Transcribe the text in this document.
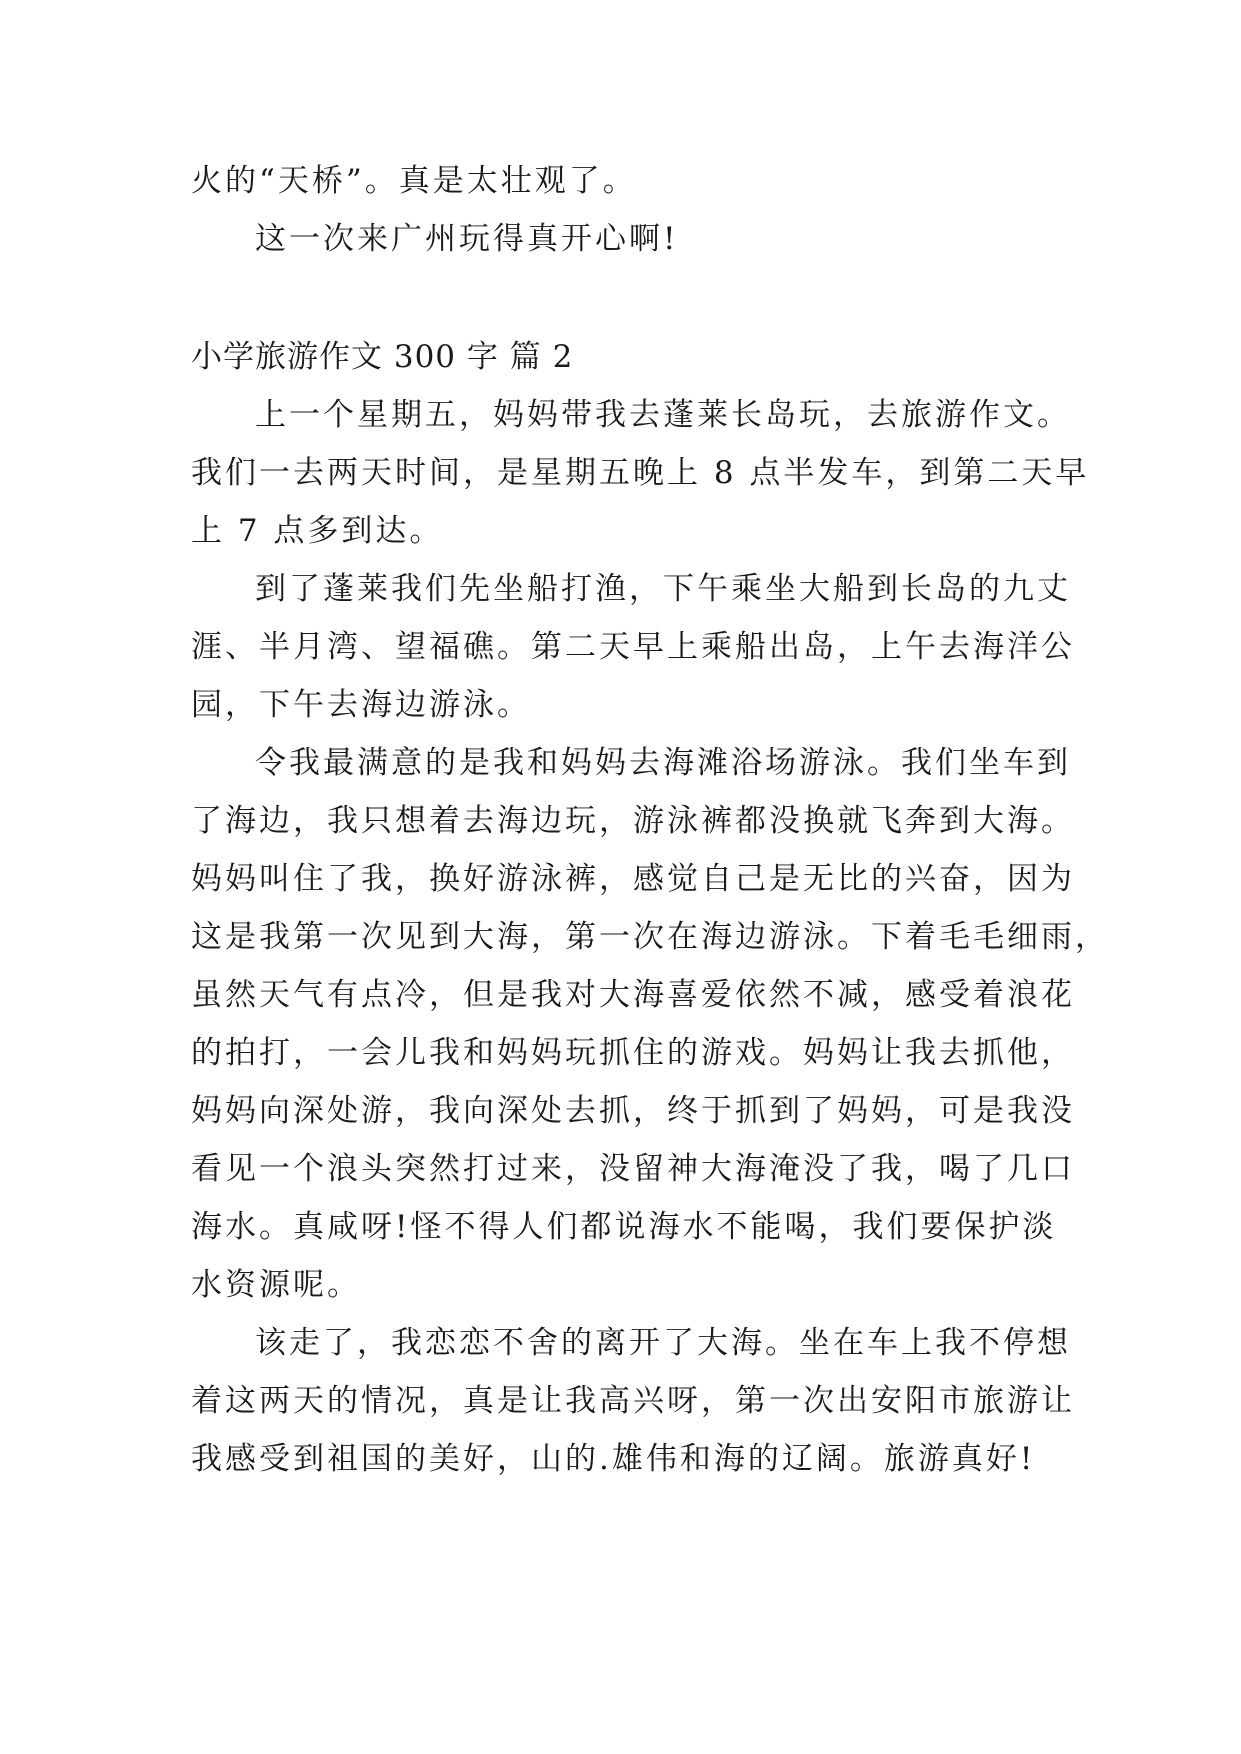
火的“天桥”。真是太壮观了。
这一次来广州玩得真开心啊!
小学旅游作文 300 字 篇 2
上一个星期五，妈妈带我去蓬莱长岛玩，去旅游作文。
我们一去两天时间，是星期五晚上 8 点半发车，到第二天早
上 7 点多到达。
到了蓬莱我们先坐船打渔，下午乘坐大船到长岛的九丈
涯、半月湾、望福礁。第二天早上乘船出岛，上午去海洋公
园，下午去海边游泳。
令我最满意的是我和妈妈去海滩浴场游泳。我们坐车到
了海边，我只想着去海边玩，游泳裤都没换就飞奔到大海。
妈妈叫住了我，换好游泳裤，感觉自己是无比的兴奋，因为
这是我第一次见到大海，第一次在海边游泳。下着毛毛细雨，
虽然天气有点冷，但是我对大海喜爱依然不减，感受着浪花
的拍打，一会儿我和妈妈玩抓住的游戏。妈妈让我去抓他，
妈妈向深处游，我向深处去抓，终于抓到了妈妈，可是我没
看见一个浪头突然打过来，没留神大海淹没了我，喝了几口
海水。真咸呀!怪不得人们都说海水不能喝，我们要保护淡
水资源呢。
该走了，我恋恋不舍的离开了大海。坐在车上我不停想
着这两天的情况，真是让我高兴呀，第一次出安阳市旅游让
我感受到祖国的美好，山的.雄伟和海的辽阔。旅游真好!
